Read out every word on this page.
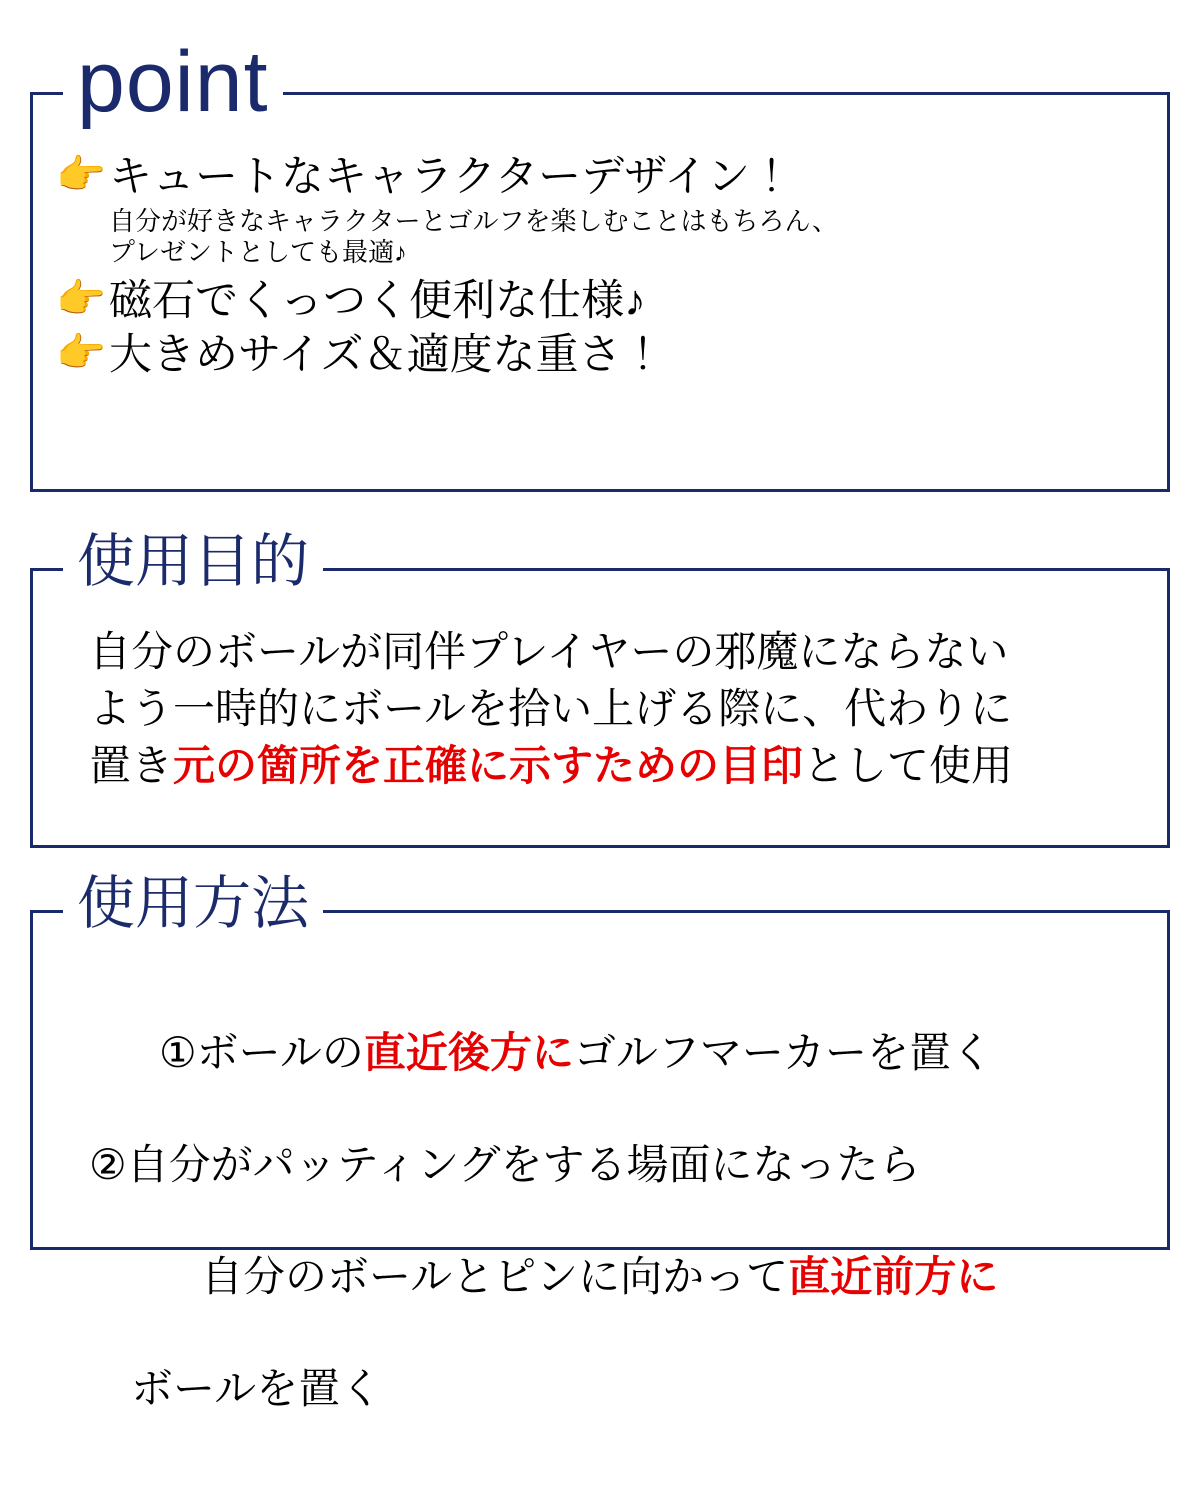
point
👉 キュートなキャラクターデザイン！
自分が好きなキャラクターとゴルフを楽しむことはもちろん、
プレゼントとしても最適♪
👉 磁石でくっつく便利な仕様♪
👉 大きめサイズ＆適度な重さ！
使用目的
自分のボールが同伴プレイヤーの邪魔にならない
よう一時的にボールを拾い上げる際に、代わりに
置き元の箇所を正確に示すための目印として使用
使用方法

①ボールの直近後方にゴルフマーカーを置く

②自分がパッティングをする場面になったら

　自分のボールとピンに向かって直近前方に

　ボールを置く
